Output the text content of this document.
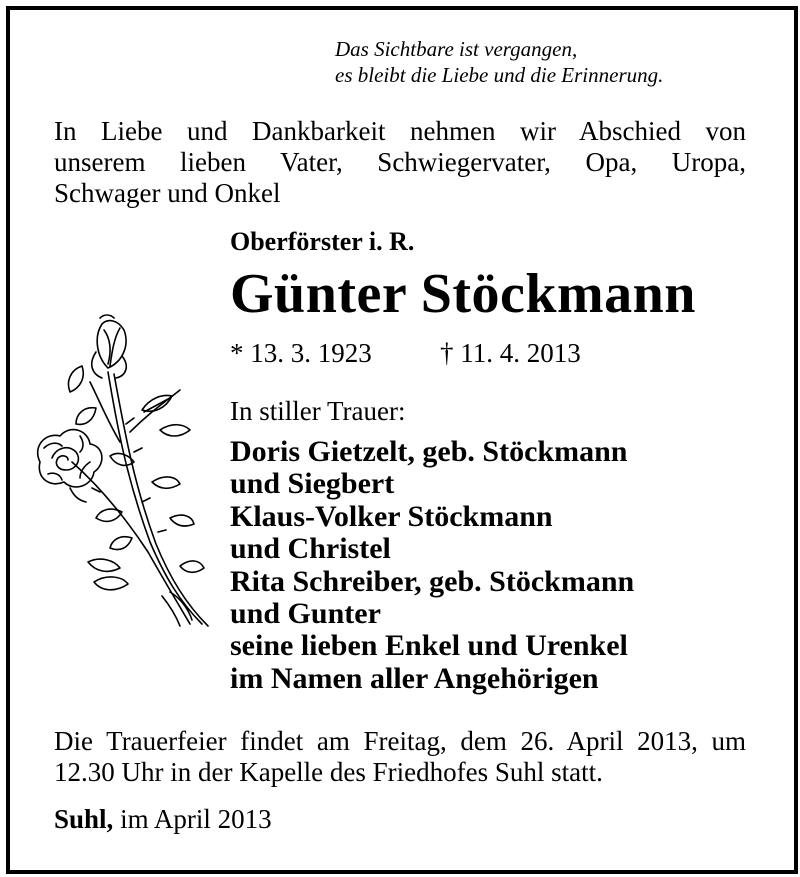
Das Sichtbare ist vergangen,
es bleibt die Liebe und die Erinnerung.
In Liebe und Dankbarkeit nehmen wir Abschied von
unserem lieben Vater, Schwiegervater, Opa, Uropa,
Schwager und Onkel
Oberförster i. R.
Günter Stöckmann
* 13. 3. 1923	† 11. 4. 2013
In stiller Trauer:
Doris Gietzelt, geb. Stöckmann
und Siegbert
Klaus-Volker Stöckmann
und Christel
Rita Schreiber, geb. Stöckmann
und Gunter
seine lieben Enkel und Urenkel
im Namen aller Angehörigen
Die Trauerfeier findet am Freitag, dem 26. April 2013, um
12.30 Uhr in der Kapelle des Friedhofes Suhl statt.
Suhl, im April 2013
